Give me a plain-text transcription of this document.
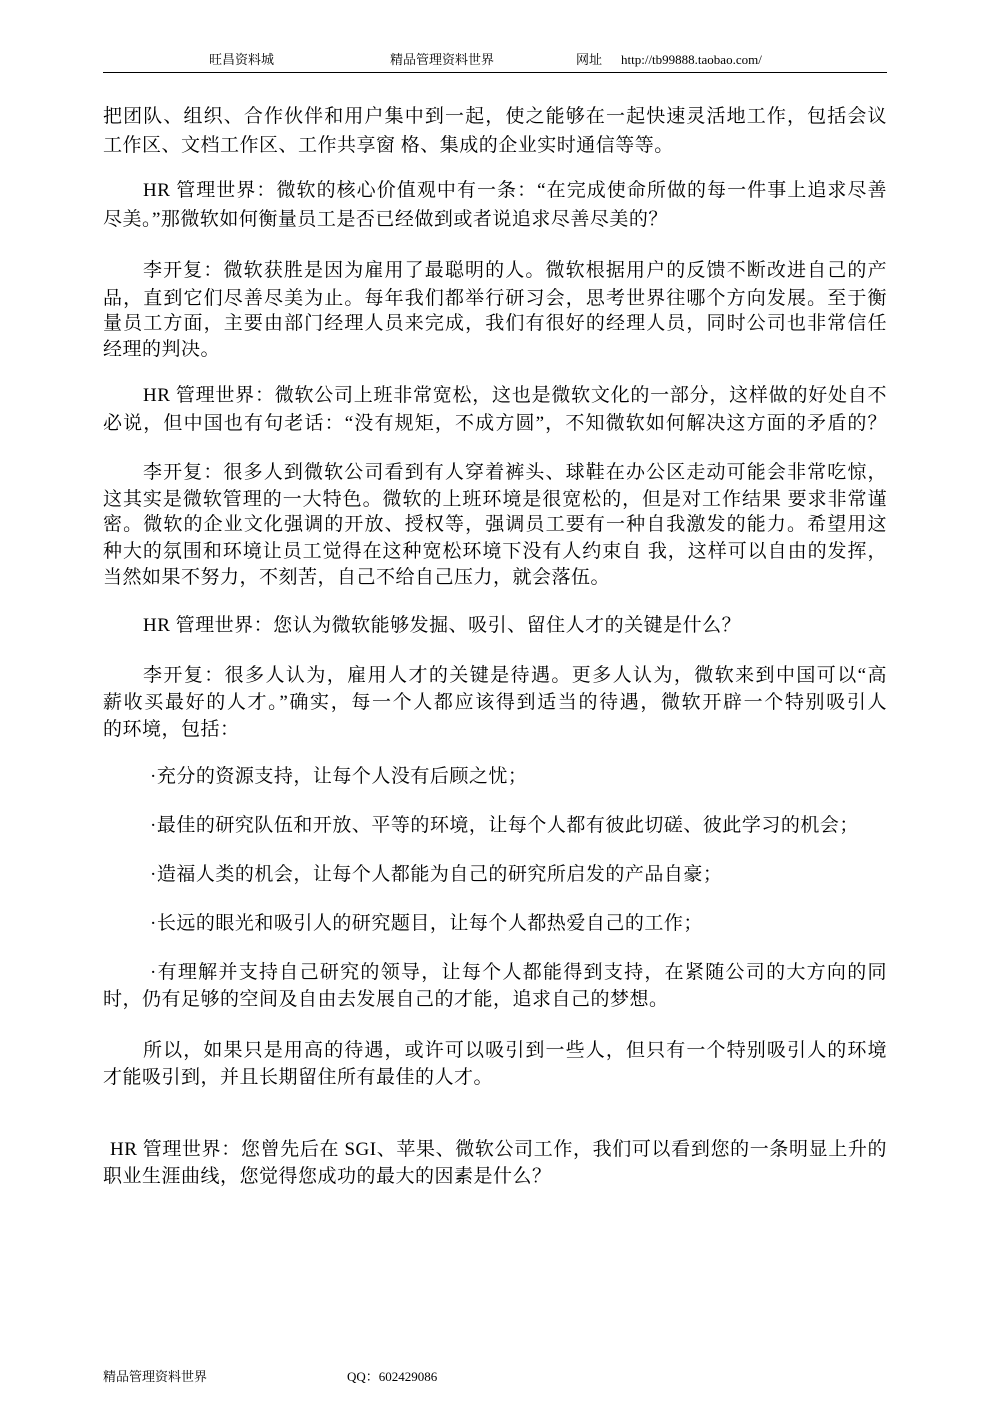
旺昌资料城	精品管理资料世界	网址 http://tb99888.taobao.com/
把团队、组织、合作伙伴和用户集中到一起，使之能够在一起快速灵活地工作，包括会议
工作区、文档工作区、工作共享窗 格、集成的企业实时通信等等。
HR 管理世界：微软的核心价值观中有一条：“在完成使命所做的每一件事上追求尽善
尽美。”那微软如何衡量员工是否已经做到或者说追求尽善尽美的？
李开复：微软获胜是因为雇用了最聪明的人。微软根据用户的反馈不断改进自己的产
品，直到它们尽善尽美为止。每年我们都举行研习会，思考世界往哪个方向发展。至于衡
量员工方面，主要由部门经理人员来完成，我们有很好的经理人员，同时公司也非常信任
经理的判决。
HR 管理世界：微软公司上班非常宽松，这也是微软文化的一部分，这样做的好处自不
必说，但中国也有句老话：“没有规矩，不成方圆”，不知微软如何解决这方面的矛盾的？
李开复：很多人到微软公司看到有人穿着裤头、球鞋在办公区走动可能会非常吃惊，
这其实是微软管理的一大特色。微软的上班环境是很宽松的，但是对工作结果 要求非常谨
密。微软的企业文化强调的开放、授权等，强调员工要有一种自我激发的能力。希望用这
种大的氛围和环境让员工觉得在这种宽松环境下没有人约束自 我，这样可以自由的发挥，
当然如果不努力，不刻苦，自己不给自己压力，就会落伍。
HR 管理世界：您认为微软能够发掘、吸引、留住人才的关键是什么？
李开复：很多人认为，雇用人才的关键是待遇。更多人认为，微软来到中国可以“高
薪收买最好的人才。”确实，每一个人都应该得到适当的待遇，微软开辟一个特别吸引人
的环境，包括：
·充分的资源支持，让每个人没有后顾之忧；
·最佳的研究队伍和开放、平等的环境，让每个人都有彼此切磋、彼此学习的机会；
·造福人类的机会，让每个人都能为自己的研究所启发的产品自豪；
·长远的眼光和吸引人的研究题目，让每个人都热爱自己的工作；
·有理解并支持自己研究的领导，让每个人都能得到支持，在紧随公司的大方向的同
时，仍有足够的空间及自由去发展自己的才能，追求自己的梦想。
所以，如果只是用高的待遇，或许可以吸引到一些人，但只有一个特别吸引人的环境
才能吸引到，并且长期留住所有最佳的人才。
HR 管理世界：您曾先后在 SGI、苹果、微软公司工作，我们可以看到您的一条明显上升的
职业生涯曲线，您觉得您成功的最大的因素是什么？
精品管理资料世界	QQ：602429086
